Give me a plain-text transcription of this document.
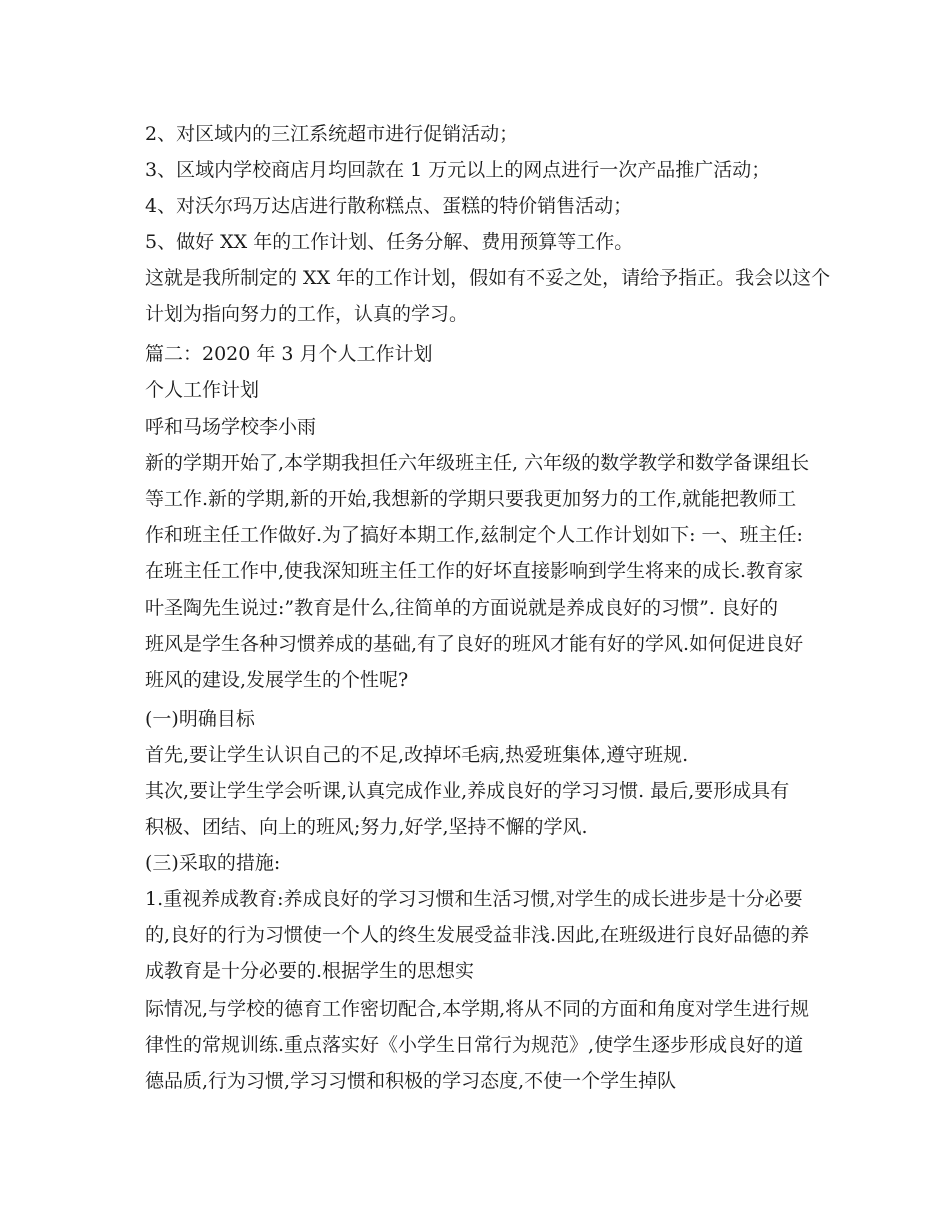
2、对区域内的三江系统超市进行促销活动；
3、区域内学校商店月均回款在 1 万元以上的网点进行一次产品推广活动；
4、对沃尔玛万达店进行散称糕点、蛋糕的特价销售活动；
5、做好 XX 年的工作计划、任务分解、费用预算等工作。
这就是我所制定的 XX 年的工作计划，假如有不妥之处，请给予指正。我会以这个
计划为指向努力的工作，认真的学习。
篇二：2020 年 3 月个人工作计划
个人工作计划
呼和马场学校李小雨
新的学期开始了,本学期我担任六年级班主任, 六年级的数学教学和数学备课组长
等工作.新的学期,新的开始,我想新的学期只要我更加努力的工作,就能把教师工
作和班主任工作做好.为了搞好本期工作,兹制定个人工作计划如下: 一、班主任:
在班主任工作中,使我深知班主任工作的好坏直接影响到学生将来的成长.教育家
叶圣陶先生说过:”教育是什么,往简单的方面说就是养成良好的习惯”. 良好的
班风是学生各种习惯养成的基础,有了良好的班风才能有好的学风.如何促进良好
班风的建设,发展学生的个性呢?
(一)明确目标
首先,要让学生认识自己的不足,改掉坏毛病,热爱班集体,遵守班规.
其次,要让学生学会听课,认真完成作业,养成良好的学习习惯. 最后,要形成具有
积极、团结、向上的班风;努力,好学,坚持不懈的学风.
(三)采取的措施:
1.重视养成教育:养成良好的学习习惯和生活习惯,对学生的成长进步是十分必要
的,良好的行为习惯使一个人的终生发展受益非浅.因此,在班级进行良好品德的养
成教育是十分必要的.根据学生的思想实
际情况,与学校的德育工作密切配合,本学期,将从不同的方面和角度对学生进行规
律性的常规训练.重点落实好《小学生日常行为规范》,使学生逐步形成良好的道
德品质,行为习惯,学习习惯和积极的学习态度,不使一个学生掉队
